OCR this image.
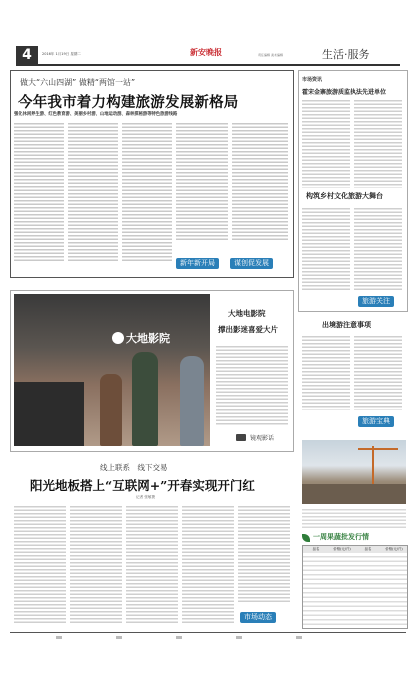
4	2016年 1月19日 星期二	新安晚报	责任编辑 美术编辑	生活·服务
做大“六山四湖” 做精“两馆一站”
今年我市着力构建旅游发展新格局
强化休闲养生游、红色教育游、美丽乡村游、山地运动游、森林探秘游等特色旅游线路
新年新开局	谋创促发展
市场资讯
霍宋金寨旅游质监执法先进单位
构筑乡村文化旅游大舞台
旅游关注
大地影院
大地电影院
撑出影迷喜爱大片
镜观影话
出境游注意事项
旅游宝典
线上联系　线下交易
阳光地板搭上“互联网+”开春实现开门红
记者 张敏捷
市场动态
一周果蔬批发行情
品名	价格(元/斤)	品名	价格(元/斤)
